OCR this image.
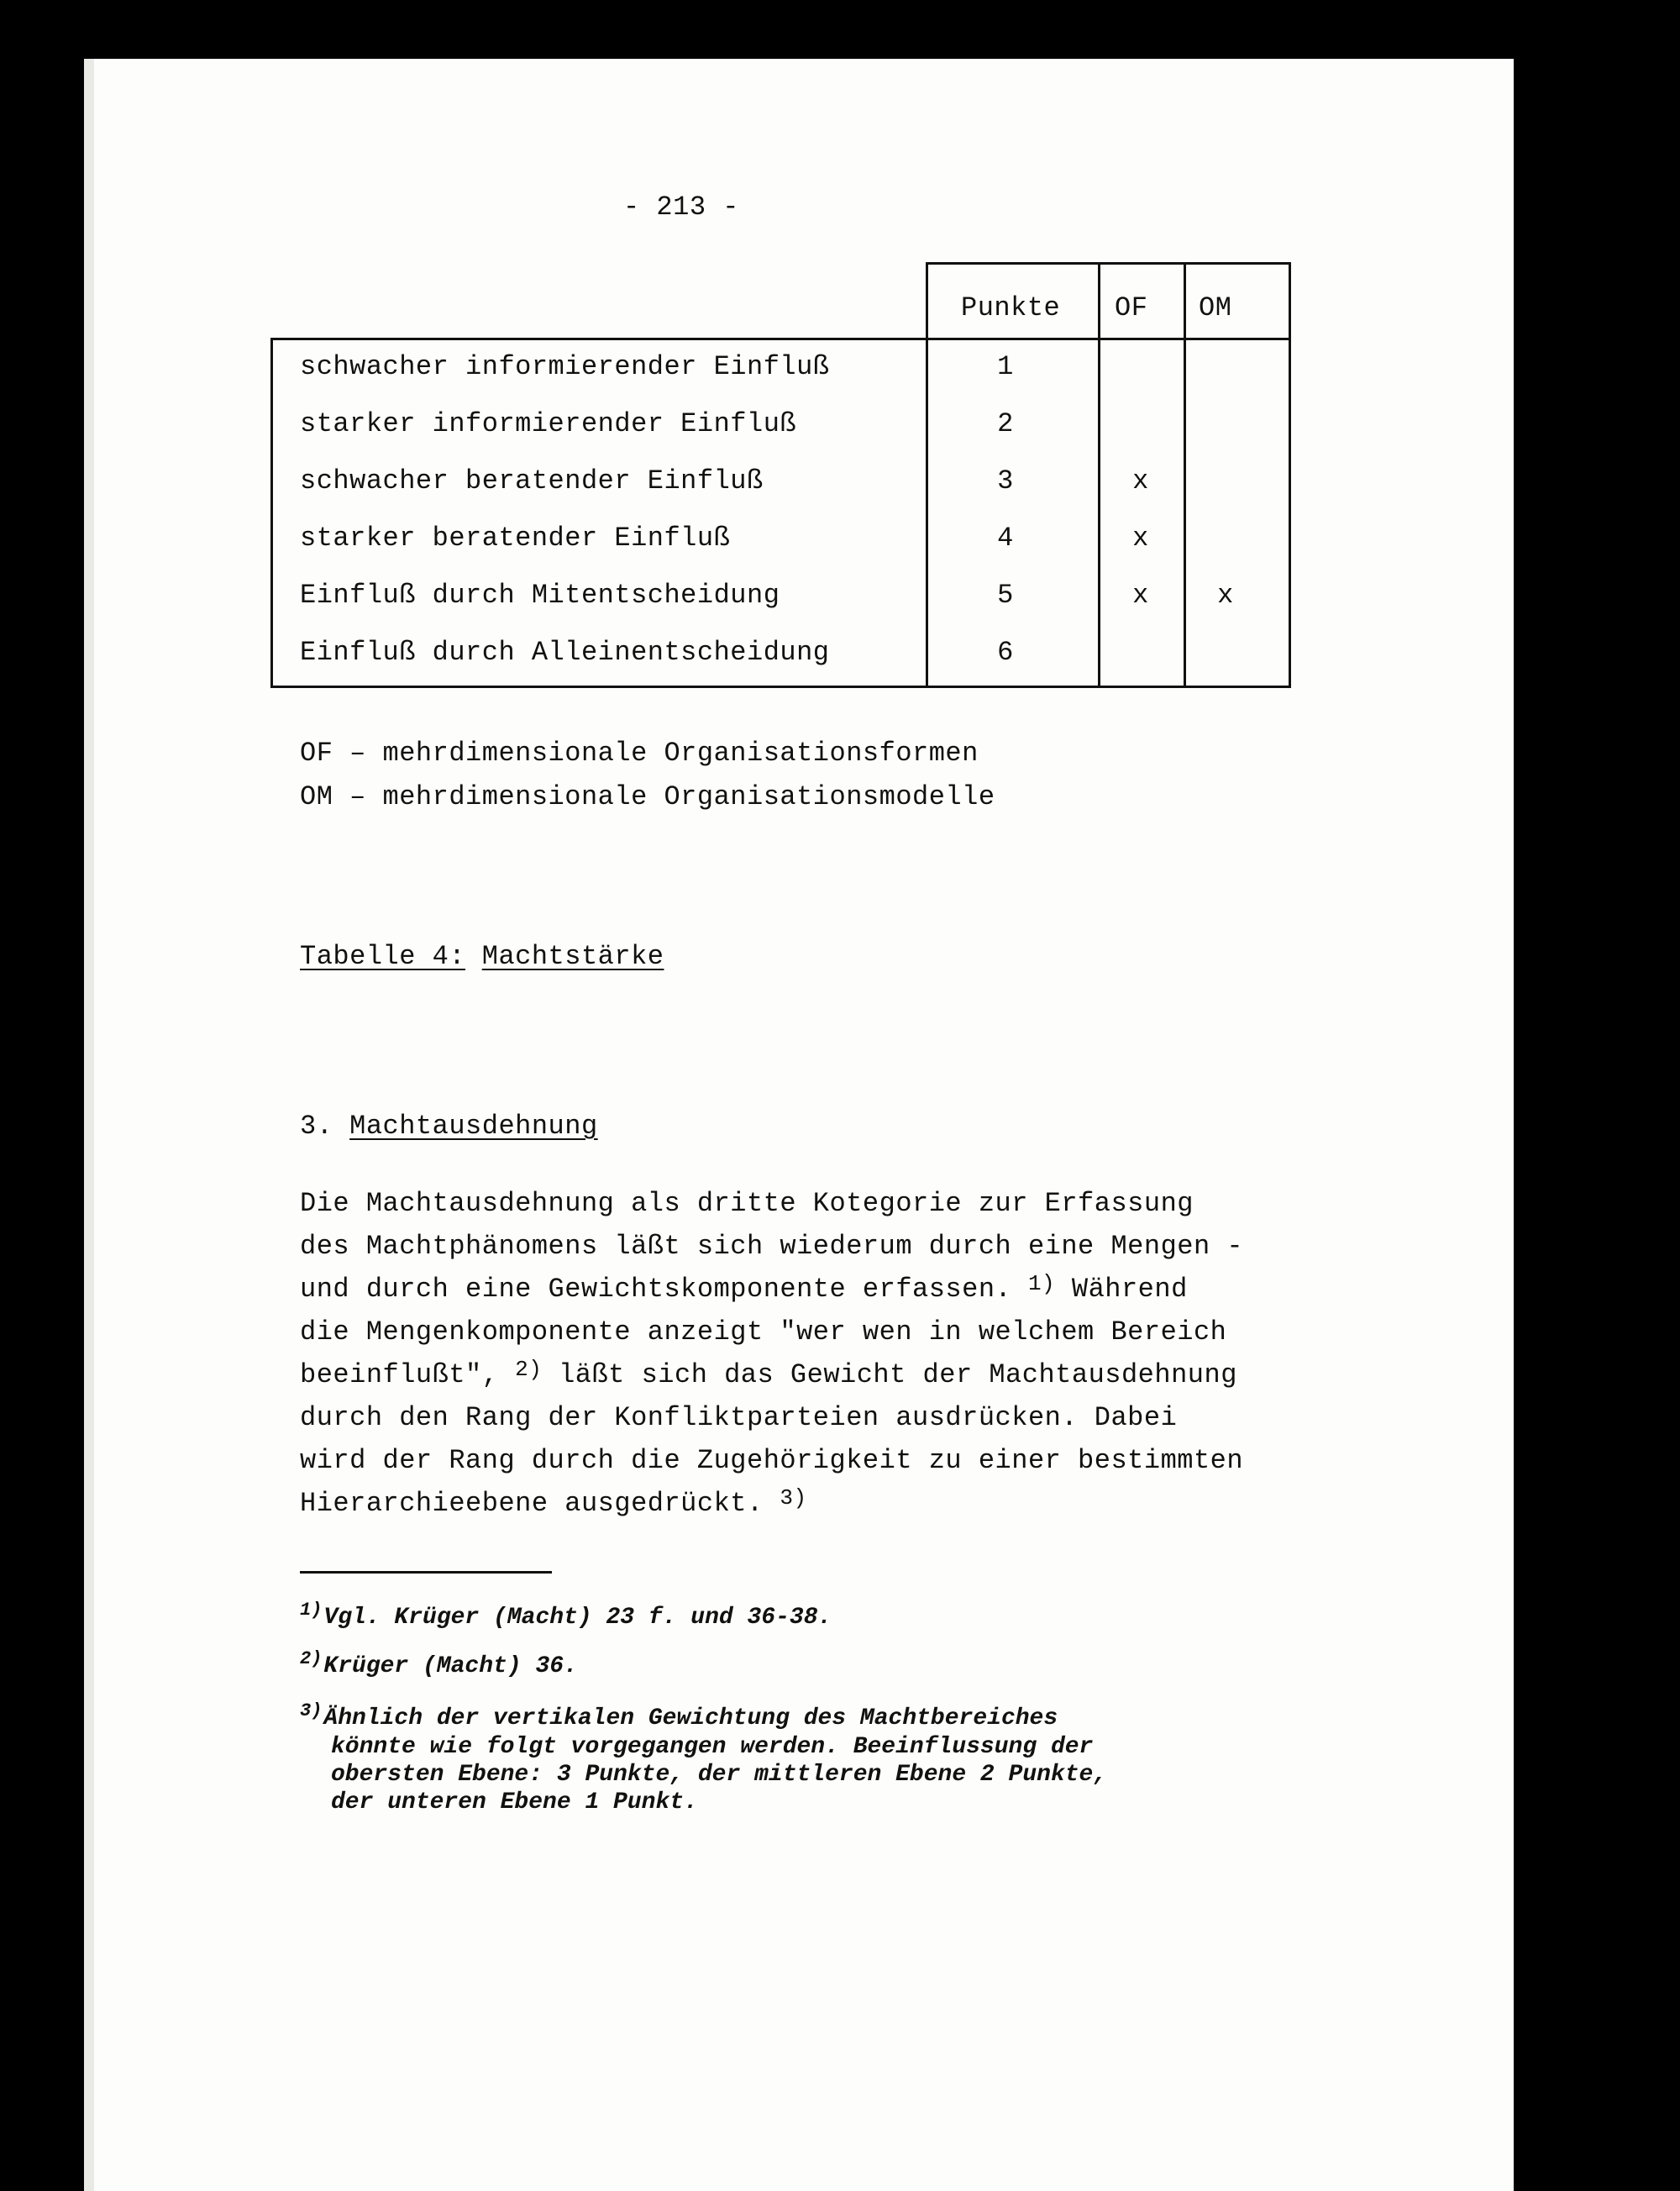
- 213 -
Punkte OF OM
schwacher informierender Einfluß	1
starker informierender Einfluß	2
schwacher beratender Einfluß	3	x
starker beratender Einfluß	4	x
Einfluß durch Mitentscheidung	5	x	x
Einfluß durch Alleinentscheidung	6
OF – mehrdimensionale Organisationsformen
OM – mehrdimensionale Organisationsmodelle
Tabelle 4: Machtstärke
3. Machtausdehnung
Die Machtausdehnung als dritte Kotegorie zur Erfassung
des Machtphänomens läßt sich wiederum durch eine Mengen -
und durch eine Gewichtskomponente erfassen. $^{1)}$ Während
die Mengenkomponente anzeigt "wer wen in welchem Bereich
beeinflußt", $^{2)}$ läßt sich das Gewicht der Machtausdehnung
durch den Rang der Konfliktparteien ausdrücken. Dabei
wird der Rang durch die Zugehörigkeit zu einer bestimmten
Hierarchieebene ausgedrückt. $^{3)}$
$^{1)}$Vgl. Krüger (Macht) 23 f. und 36-38.
$^{2)}$Krüger (Macht) 36.
$^{3)}$Ähnlich der vertikalen Gewichtung des Machtbereiches
könnte wie folgt vorgegangen werden. Beeinflussung der
obersten Ebene: 3 Punkte, der mittleren Ebene 2 Punkte,
der unteren Ebene 1 Punkt.
